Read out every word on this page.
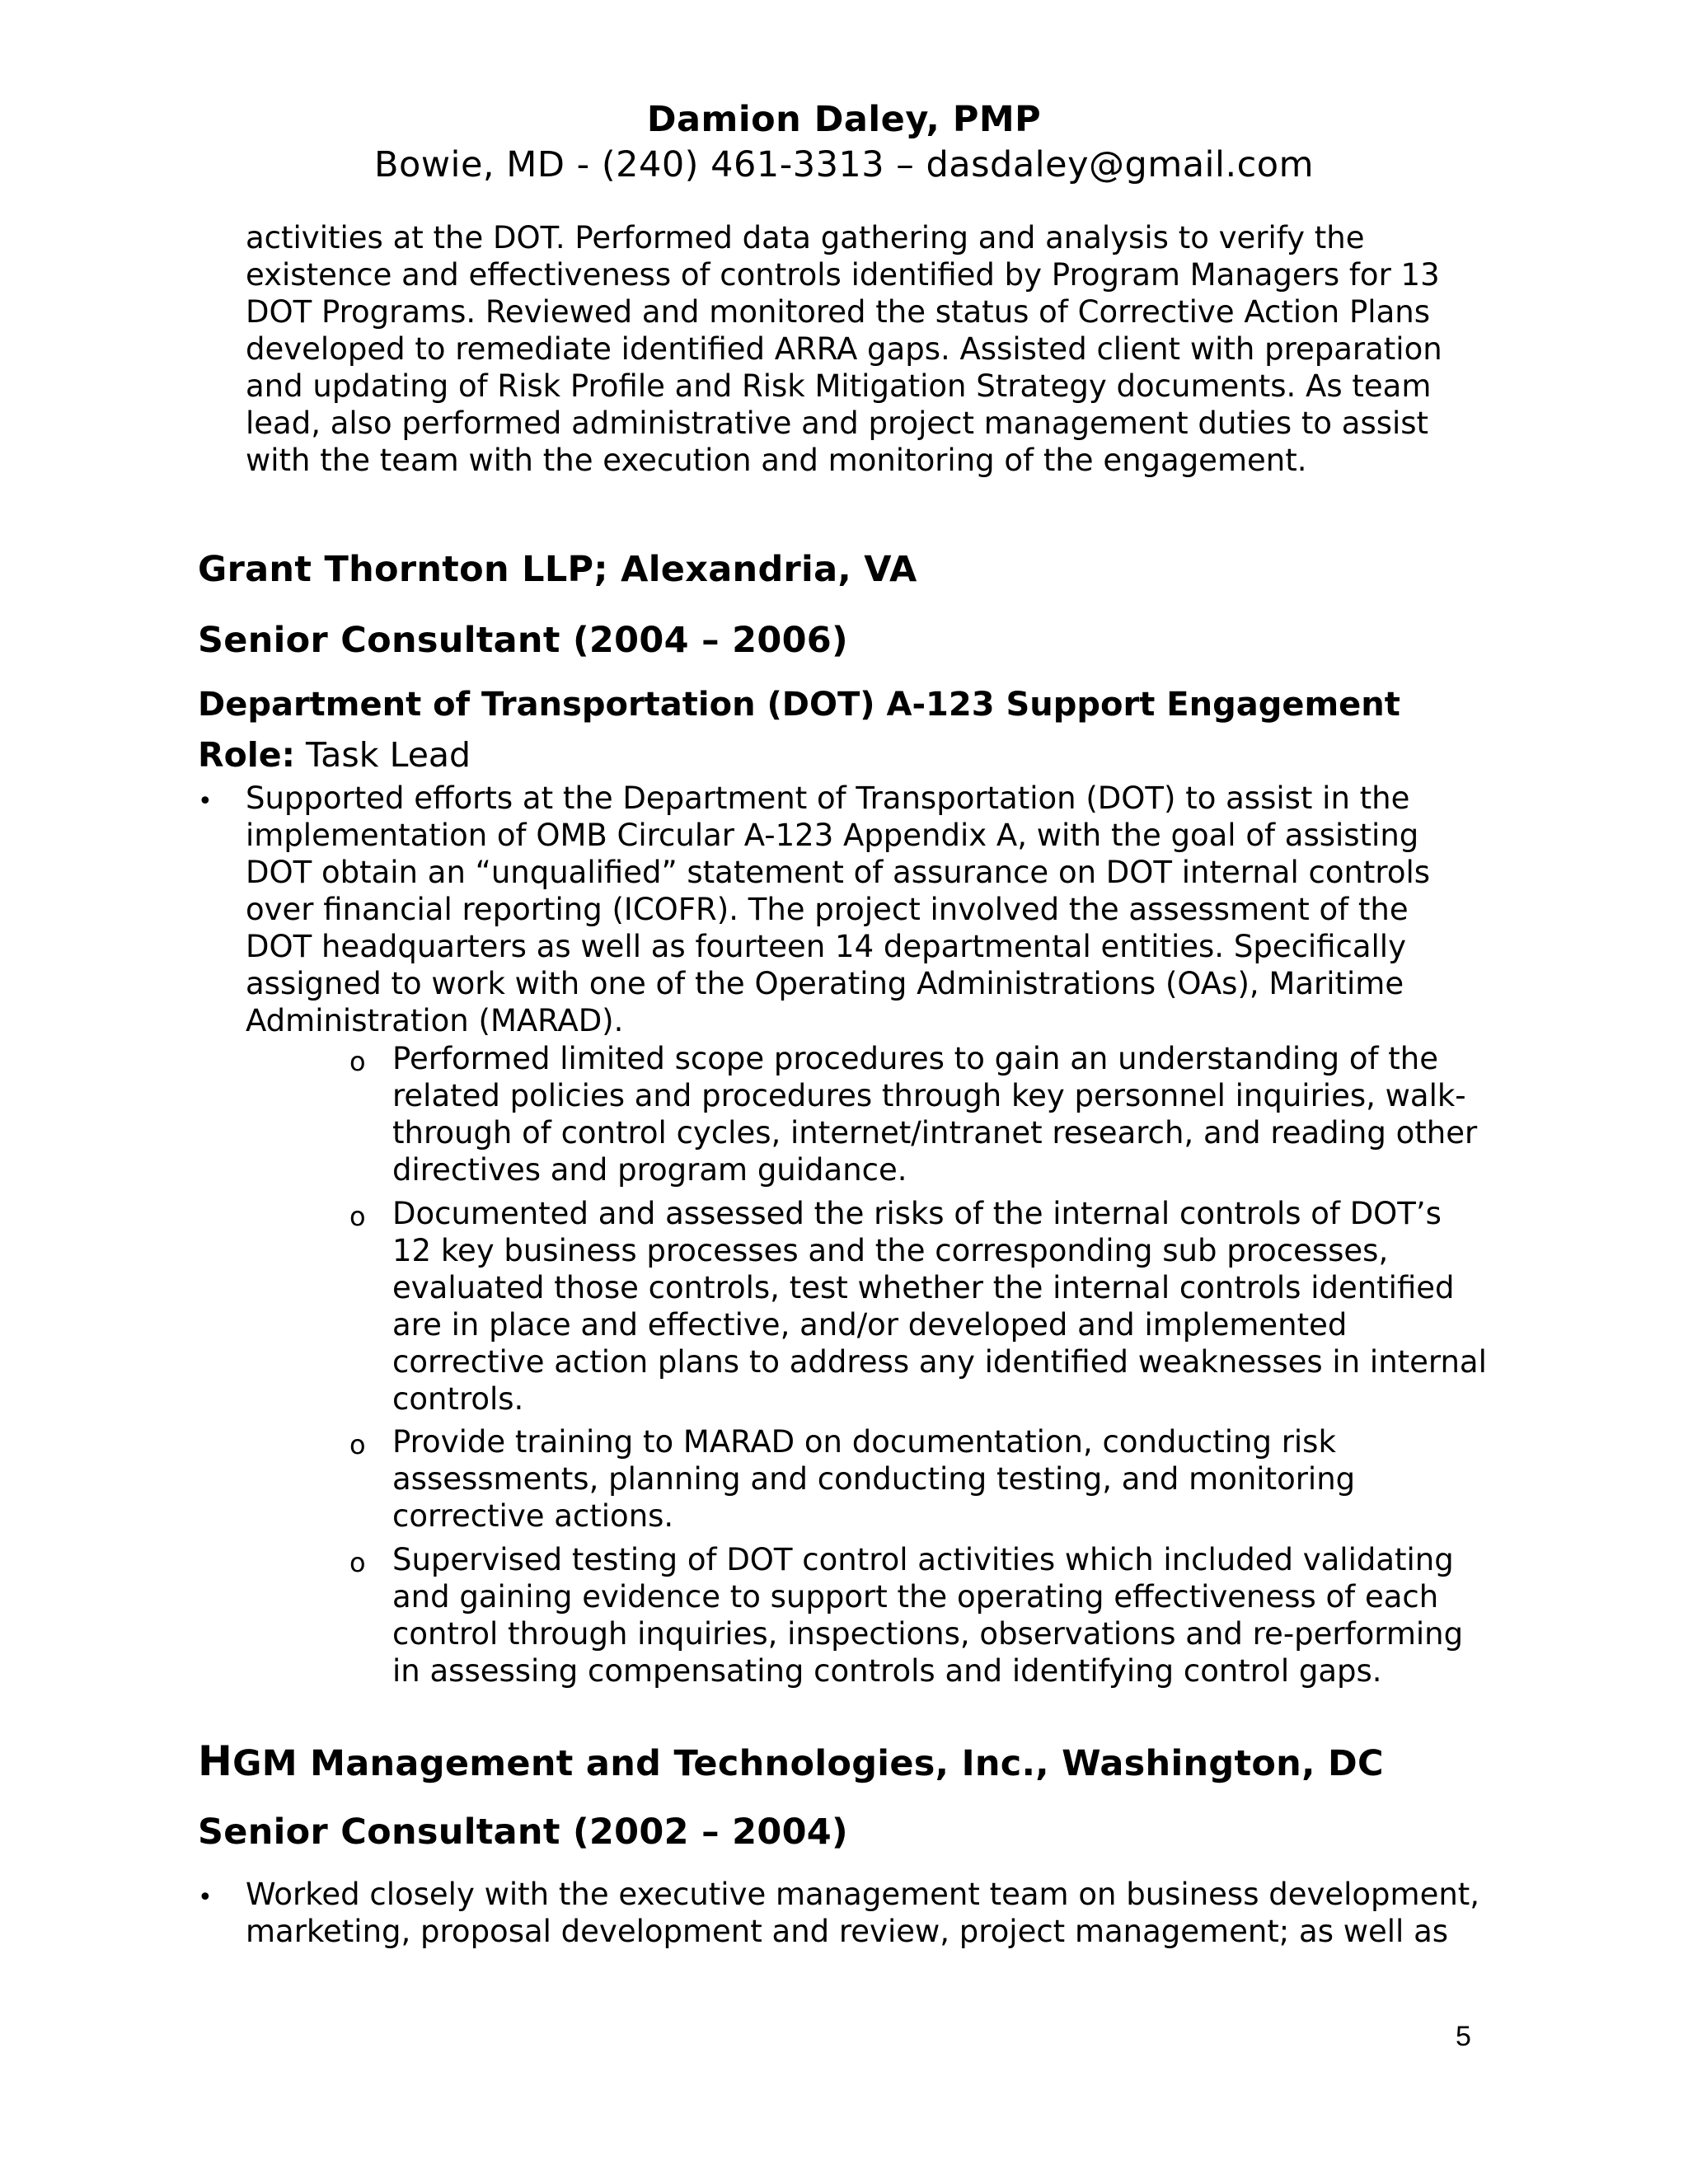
Damion Daley, PMP
Bowie, MD - (240) 461-3313 – dasdaley@gmail.com
activities at the DOT. Performed data gathering and analysis to verify the
existence and effectiveness of controls identified by Program Managers for 13
DOT Programs. Reviewed and monitored the status of Corrective Action Plans
developed to remediate identified ARRA gaps. Assisted client with preparation
and updating of Risk Profile and Risk Mitigation Strategy documents. As team
lead, also performed administrative and project management duties to assist
with the team with the execution and monitoring of the engagement.
Grant Thornton LLP; Alexandria, VA
Senior Consultant (2004 – 2006)
Department of Transportation (DOT) A-123 Support Engagement
Role: Task Lead
• Supported efforts at the Department of Transportation (DOT) to assist in the
implementation of OMB Circular A-123 Appendix A, with the goal of assisting
DOT obtain an “unqualified” statement of assurance on DOT internal controls
over financial reporting (ICOFR). The project involved the assessment of the
DOT headquarters as well as fourteen 14 departmental entities. Specifically
assigned to work with one of the Operating Administrations (OAs), Maritime
Administration (MARAD).
o Performed limited scope procedures to gain an understanding of the
related policies and procedures through key personnel inquiries, walk-
through of control cycles, internet/intranet research, and reading other
directives and program guidance.
o Documented and assessed the risks of the internal controls of DOT’s
12 key business processes and the corresponding sub processes,
evaluated those controls, test whether the internal controls identified
are in place and effective, and/or developed and implemented
corrective action plans to address any identified weaknesses in internal
controls.
o Provide training to MARAD on documentation, conducting risk
assessments, planning and conducting testing, and monitoring
corrective actions.
o Supervised testing of DOT control activities which included validating
and gaining evidence to support the operating effectiveness of each
control through inquiries, inspections, observations and re-performing
in assessing compensating controls and identifying control gaps.
HGM Management and Technologies, Inc., Washington, DC
Senior Consultant (2002 – 2004)
• Worked closely with the executive management team on business development,
marketing, proposal development and review, project management; as well as
5
